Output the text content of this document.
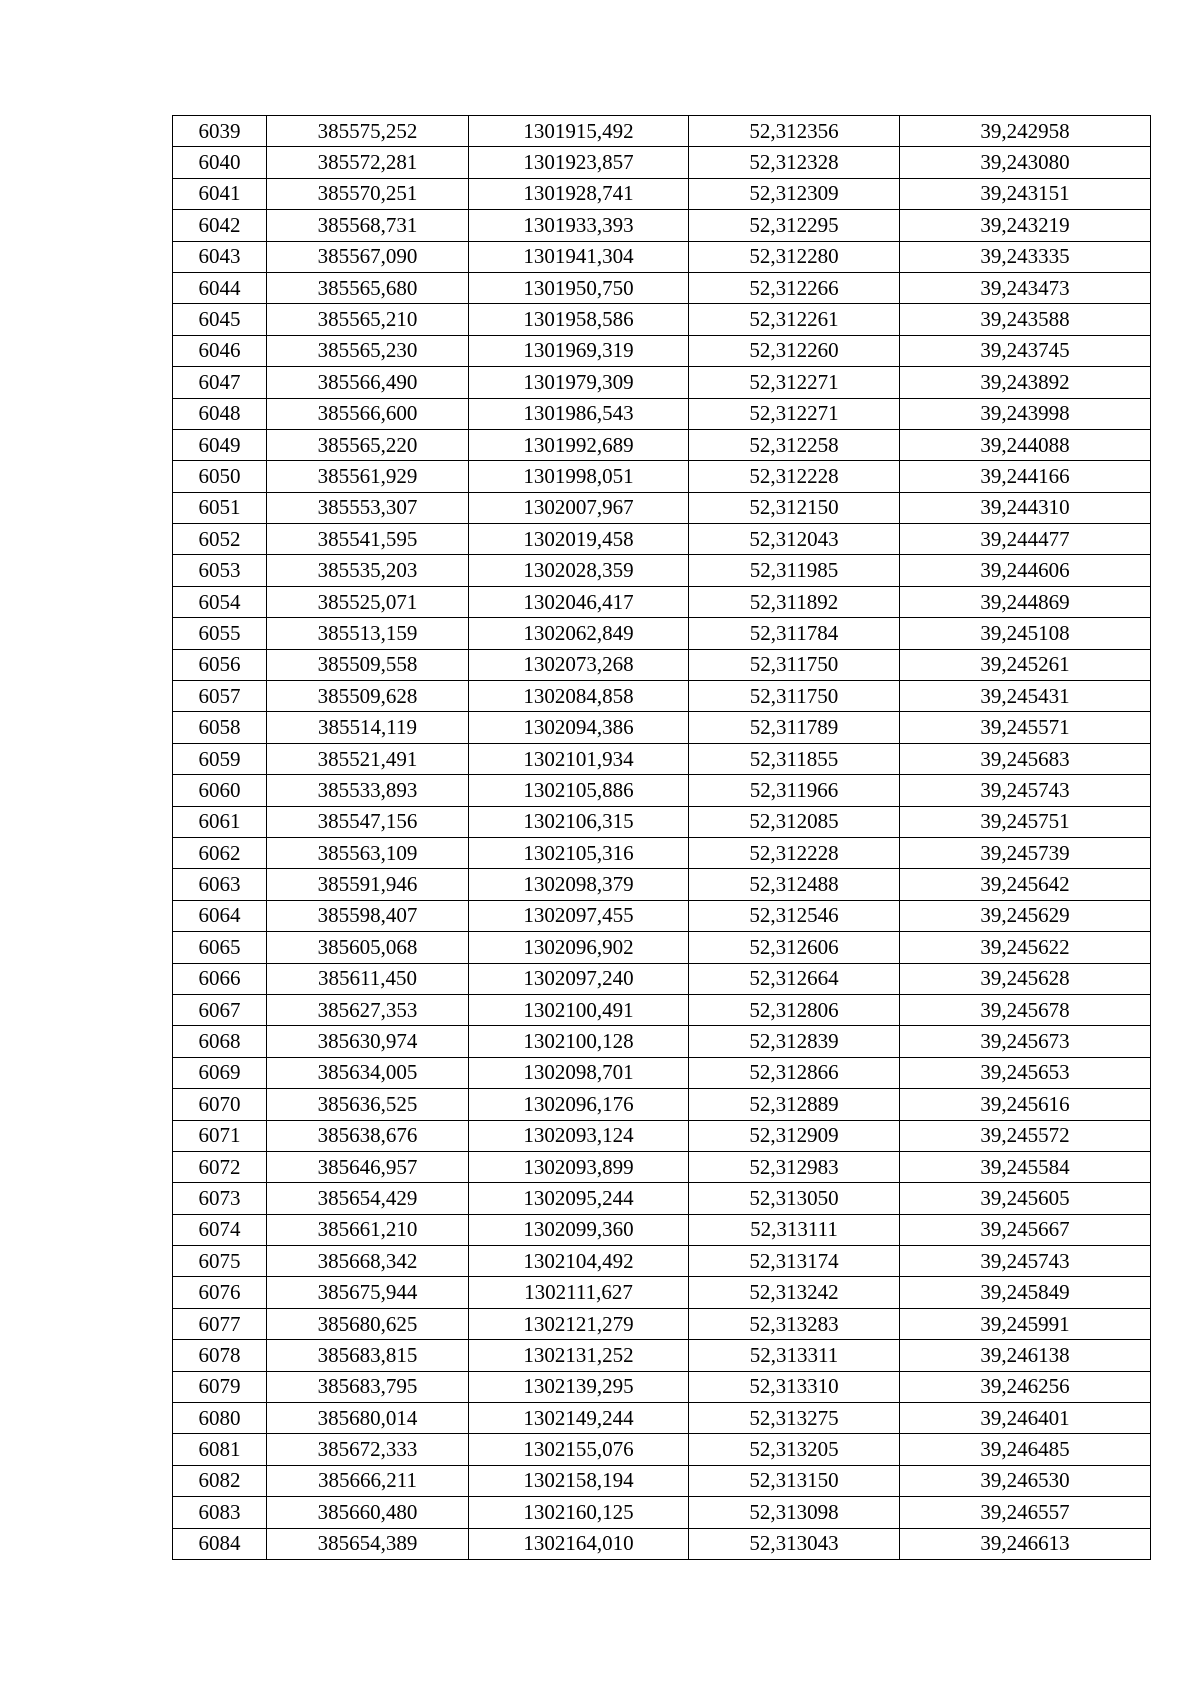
6039	385575,252	1301915,492	52,312356	39,242958
6040	385572,281	1301923,857	52,312328	39,243080
6041	385570,251	1301928,741	52,312309	39,243151
6042	385568,731	1301933,393	52,312295	39,243219
6043	385567,090	1301941,304	52,312280	39,243335
6044	385565,680	1301950,750	52,312266	39,243473
6045	385565,210	1301958,586	52,312261	39,243588
6046	385565,230	1301969,319	52,312260	39,243745
6047	385566,490	1301979,309	52,312271	39,243892
6048	385566,600	1301986,543	52,312271	39,243998
6049	385565,220	1301992,689	52,312258	39,244088
6050	385561,929	1301998,051	52,312228	39,244166
6051	385553,307	1302007,967	52,312150	39,244310
6052	385541,595	1302019,458	52,312043	39,244477
6053	385535,203	1302028,359	52,311985	39,244606
6054	385525,071	1302046,417	52,311892	39,244869
6055	385513,159	1302062,849	52,311784	39,245108
6056	385509,558	1302073,268	52,311750	39,245261
6057	385509,628	1302084,858	52,311750	39,245431
6058	385514,119	1302094,386	52,311789	39,245571
6059	385521,491	1302101,934	52,311855	39,245683
6060	385533,893	1302105,886	52,311966	39,245743
6061	385547,156	1302106,315	52,312085	39,245751
6062	385563,109	1302105,316	52,312228	39,245739
6063	385591,946	1302098,379	52,312488	39,245642
6064	385598,407	1302097,455	52,312546	39,245629
6065	385605,068	1302096,902	52,312606	39,245622
6066	385611,450	1302097,240	52,312664	39,245628
6067	385627,353	1302100,491	52,312806	39,245678
6068	385630,974	1302100,128	52,312839	39,245673
6069	385634,005	1302098,701	52,312866	39,245653
6070	385636,525	1302096,176	52,312889	39,245616
6071	385638,676	1302093,124	52,312909	39,245572
6072	385646,957	1302093,899	52,312983	39,245584
6073	385654,429	1302095,244	52,313050	39,245605
6074	385661,210	1302099,360	52,313111	39,245667
6075	385668,342	1302104,492	52,313174	39,245743
6076	385675,944	1302111,627	52,313242	39,245849
6077	385680,625	1302121,279	52,313283	39,245991
6078	385683,815	1302131,252	52,313311	39,246138
6079	385683,795	1302139,295	52,313310	39,246256
6080	385680,014	1302149,244	52,313275	39,246401
6081	385672,333	1302155,076	52,313205	39,246485
6082	385666,211	1302158,194	52,313150	39,246530
6083	385660,480	1302160,125	52,313098	39,246557
6084	385654,389	1302164,010	52,313043	39,246613
